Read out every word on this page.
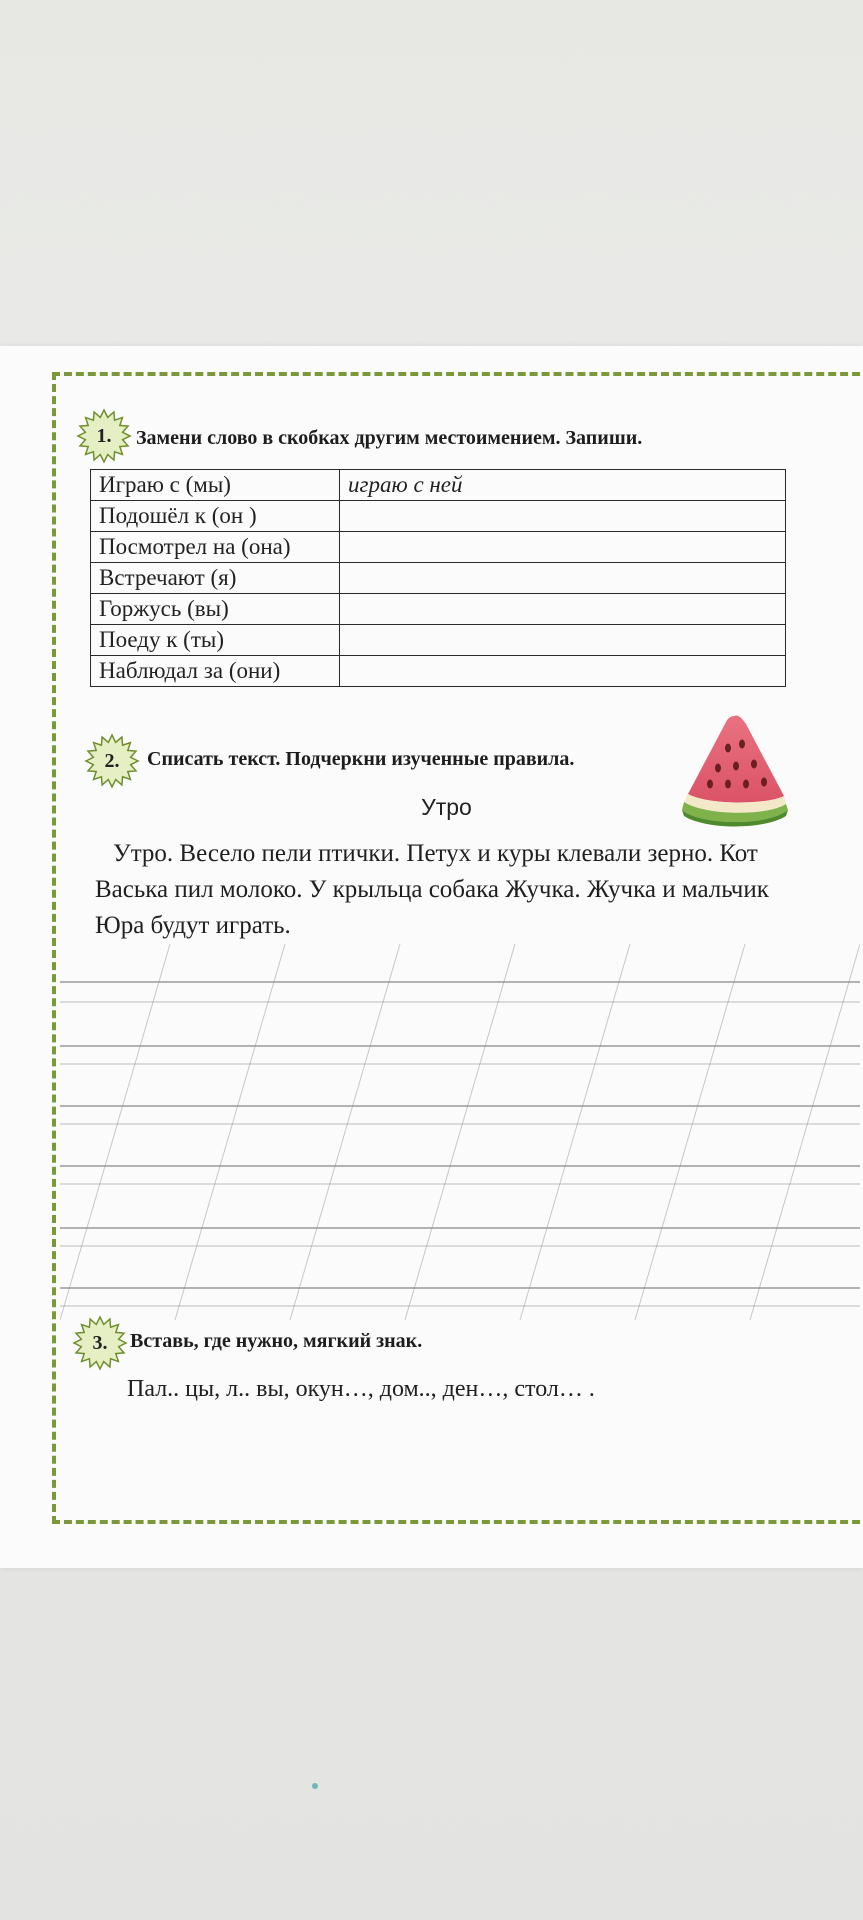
1.	Замени слово в скобках другим местоимением. Запиши.
Играю с (мы)	играю с ней
Подошёл к (он )	
Посмотрел на (она)	
Встречают (я)	
Горжусь (вы)	
Поеду к (ты)	
Наблюдал за (они)	
2.	Списать текст. Подчеркни изученные правила.
Утро
Утро. Весело пели птички. Петух и куры клевали зерно. Кот Васька пил молоко. У крыльца собака Жучка. Жучка и мальчик Юра будут играть.
3.	Вставь, где нужно, мягкий знак.
Пал.. цы, л.. вы, окун…, дом.., ден…, стол… .
